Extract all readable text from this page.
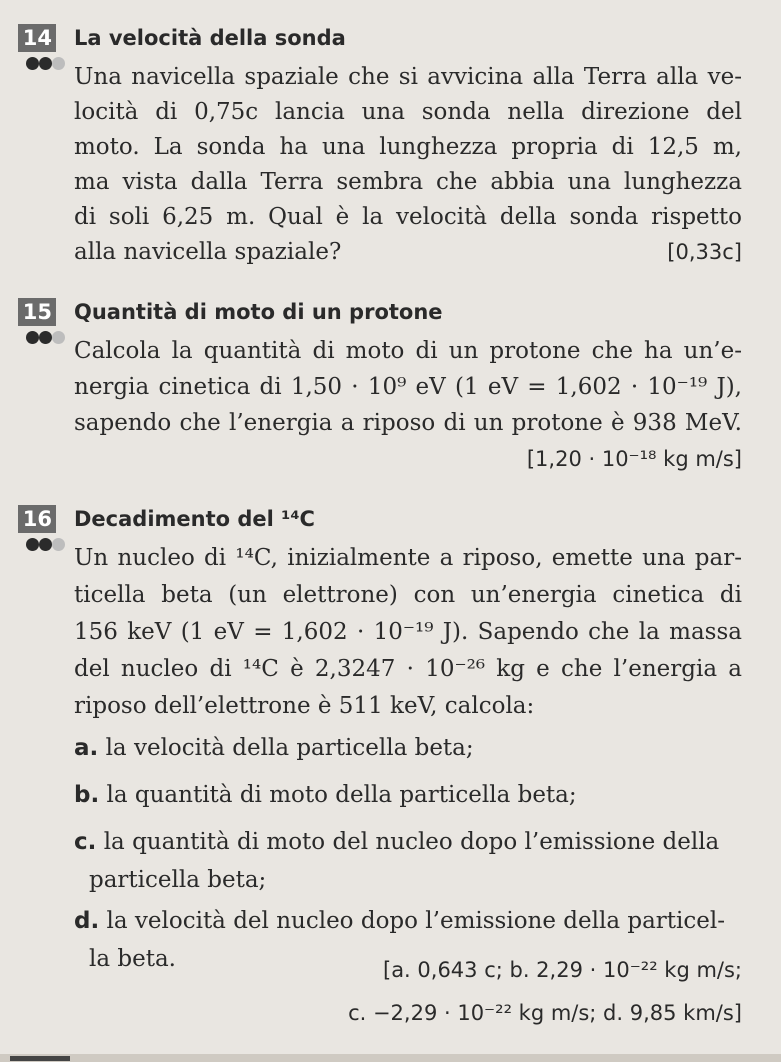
14 La velocità della sonda
Una navicella spaziale che si avvicina alla Terra alla ve-
locità di 0,75c lancia una sonda nella direzione del
moto. La sonda ha una lunghezza propria di 12,5 m,
ma vista dalla Terra sembra che abbia una lunghezza
di soli 6,25 m. Qual è la velocità della sonda rispetto
alla navicella spaziale?	[0,33c]
15 Quantità di moto di un protone
Calcola la quantità di moto di un protone che ha un’e-
nergia cinetica di 1,50 · 10⁹ eV (1 eV = 1,602 · 10⁻¹⁹ J),
sapendo che l’energia a riposo di un protone è 938 MeV.
[1,20 · 10⁻¹⁸ kg m/s]
16 Decadimento del ¹⁴C
Un nucleo di ¹⁴C, inizialmente a riposo, emette una par-
ticella beta (un elettrone) con un’energia cinetica di
156 keV (1 eV = 1,602 · 10⁻¹⁹ J). Sapendo che la massa
del nucleo di ¹⁴C è 2,3247 · 10⁻²⁶ kg e che l’energia a
riposo dell’elettrone è 511 keV, calcola:
a. la velocità della particella beta;
b. la quantità di moto della particella beta;
c. la quantità di moto del nucleo dopo l’emissione della
particella beta;
d. la velocità del nucleo dopo l’emissione della particel-
la beta.	[a. 0,643 c; b. 2,29 · 10⁻²² kg m/s;
c. −2,29 · 10⁻²² kg m/s; d. 9,85 km/s]
